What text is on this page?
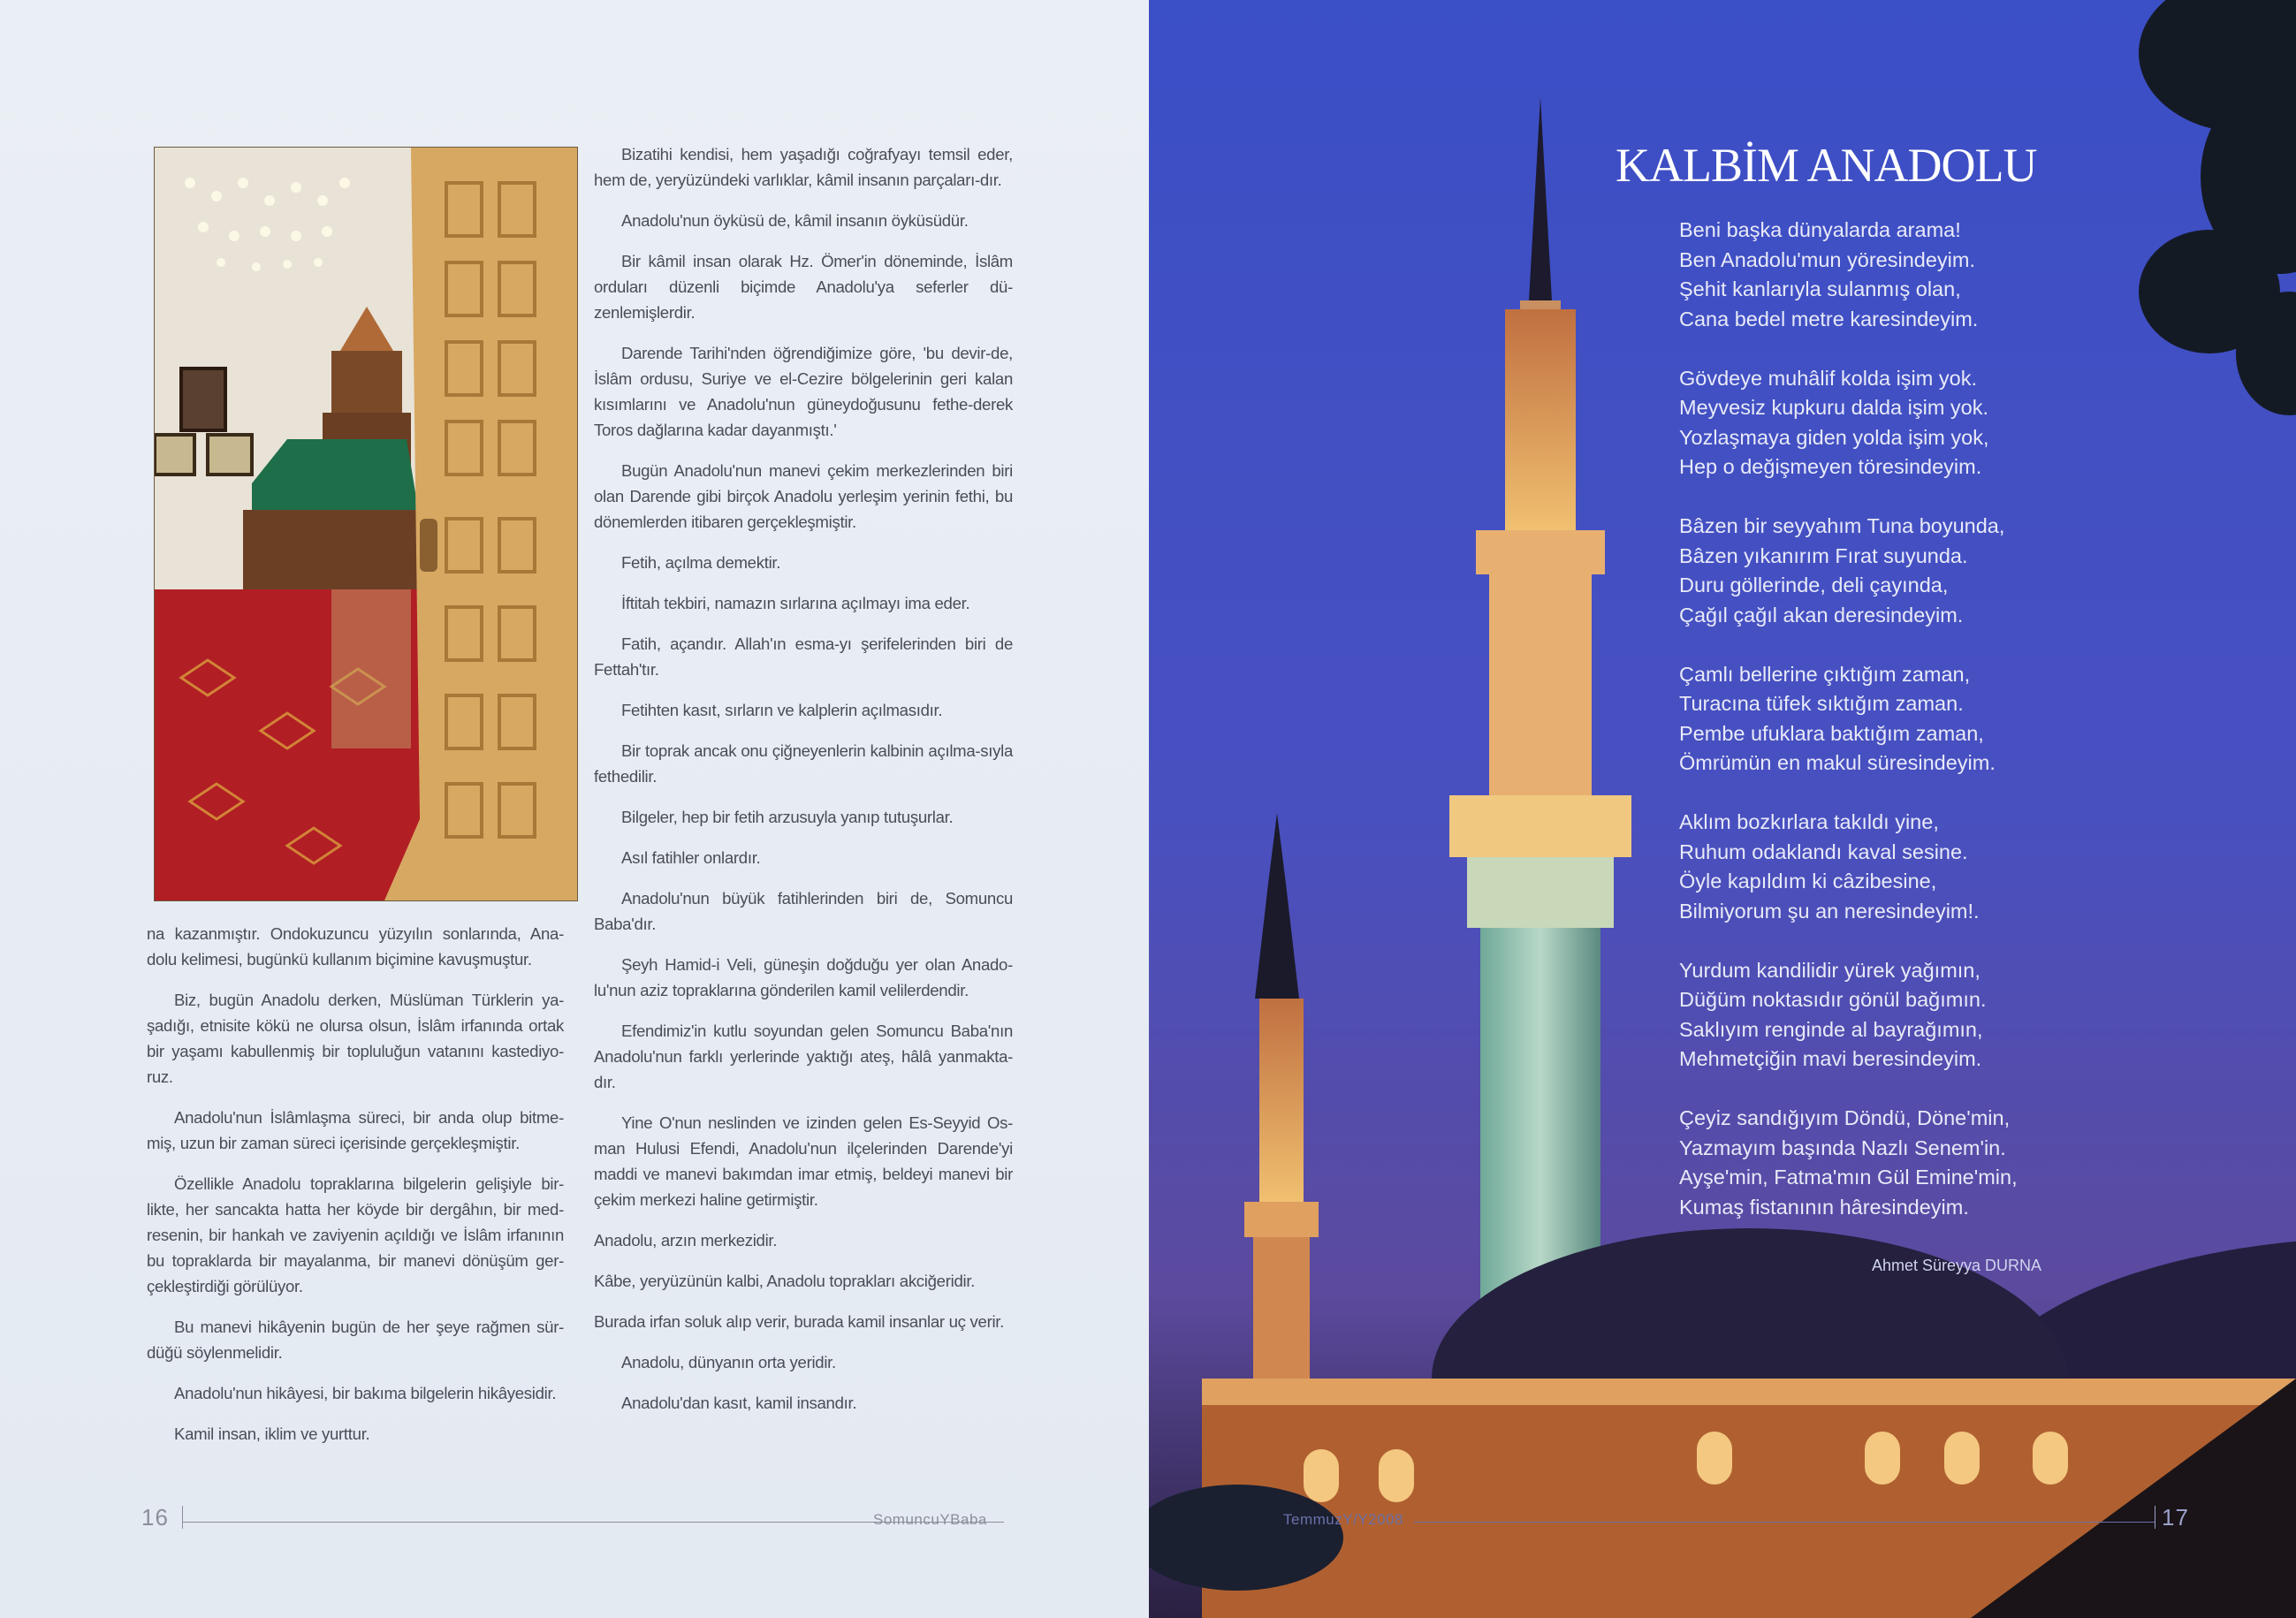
Bizatihi kendisi, hem yaşadığı coğrafyayı temsil eder, hem de, yeryüzündeki varlıklar, kâmil insanın parçaları-dır.

Anadolu'nun öyküsü de, kâmil insanın öyküsüdür.

Bir kâmil insan olarak Hz. Ömer'in döneminde, İslâm orduları düzenli biçimde Anadolu'ya seferler dü-zenlemişlerdir.

Darende Tarihi'nden öğrendiğimize göre, 'bu devir-de, İslâm ordusu, Suriye ve el-Cezire bölgelerinin geri kalan kısımlarını ve Anadolu'nun güneydoğusunu fethe-derek Toros dağlarına kadar dayanmıştı.'

Bugün Anadolu'nun manevi çekim merkezlerinden biri olan Darende gibi birçok Anadolu yerleşim yerinin fethi, bu dönemlerden itibaren gerçekleşmiştir.

Fetih, açılma demektir.

İftitah tekbiri, namazın sırlarına açılmayı ima eder.

Fatih, açandır. Allah'ın esma-yı şerifelerinden biri de Fettah'tır.

Fetihten kasıt, sırların ve kalplerin açılmasıdır.

Bir toprak ancak onu çiğneyenlerin kalbinin açılma-sıyla fethedilir.

Bilgeler, hep bir fetih arzusuyla yanıp tutuşurlar.

Asıl fatihler onlardır.

Anadolu'nun büyük fatihlerinden biri de, Somuncu Baba'dır.

Şeyh Hamid-i Veli, güneşin doğduğu yer olan Anado-lu'nun aziz topraklarına gönderilen kamil velilerdendir.

Efendimiz'in kutlu soyundan gelen Somuncu Baba'nın Anadolu'nun farklı yerlerinde yaktığı ateş, hâlâ yanmakta-dır.

Yine O'nun neslinden ve izinden gelen Es-Seyyid Os-man Hulusi Efendi, Anadolu'nun ilçelerinden Darende'yi maddi ve manevi bakımdan imar etmiş, beldeyi manevi bir çekim merkezi haline getirmiştir.

Anadolu, arzın merkezidir.

Kâbe, yeryüzünün kalbi, Anadolu toprakları akciğeridir.

Burada irfan soluk alıp verir, burada kamil insanlar uç verir.

Anadolu, dünyanın orta yeridir.

Anadolu'dan kasıt, kamil insandır.

na kazanmıştır. Ondokuzuncu yüzyılın sonlarında, Ana-dolu kelimesi, bugünkü kullanım biçimine kavuşmuştur.

Biz, bugün Anadolu derken, Müslüman Türklerin ya-şadığı, etnisite kökü ne olursa olsun, İslâm irfanında ortak bir yaşamı kabullenmiş bir topluluğun vatanını kastediyo-ruz.

Anadolu'nun İslâmlaşma süreci, bir anda olup bitme-miş, uzun bir zaman süreci içerisinde gerçekleşmiştir.

Özellikle Anadolu topraklarına bilgelerin gelişiyle bir-likte, her sancakta hatta her köyde bir dergâhın, bir med-resenin, bir hankah ve zaviyenin açıldığı ve İslâm irfanının bu topraklarda bir mayalanma, bir manevi dönüşüm ger-çekleştirdiği görülüyor.

Bu manevi hikâyenin bugün de her şeye rağmen sür-düğü söylenmelidir.

Anadolu'nun hikâyesi, bir bakıma bilgelerin hikâyesidir.

Kamil insan, iklim ve yurttur.

16	SomuncuYBaba
KALBİM ANADOLU
Beni başka dünyalarda arama!
Ben Anadolu'mun yöresindeyim.
Şehit kanlarıyla sulanmış olan,
Cana bedel metre karesindeyim.
Gövdeye muhâlif kolda işim yok.
Meyvesiz kupkuru dalda işim yok.
Yozlaşmaya giden yolda işim yok,
Hep o değişmeyen töresindeyim.
Bâzen bir seyyahım Tuna boyunda,
Bâzen yıkanırım Fırat suyunda.
Duru göllerinde, deli çayında,
Çağıl çağıl akan deresindeyim.
Çamlı bellerine çıktığım zaman,
Turacına tüfek sıktığım zaman.
Pembe ufuklara baktığım zaman,
Ömrümün en makul süresindeyim.
Aklım bozkırlara takıldı yine,
Ruhum odaklandı kaval sesine.
Öyle kapıldım ki câzibesine,
Bilmiyorum şu an neresindeyim!.
Yurdum kandilidir yürek yağımın,
Düğüm noktasıdır gönül bağımın.
Saklıyım renginde al bayrağımın,
Mehmetçiğin mavi beresindeyim.
Çeyiz sandığıyım Döndü, Döne'min,
Yazmayım başında Nazlı Senem'in.
Ayşe'min, Fatma'mın Gül Emine'min,
Kumaş fistanının hâresindeyim.
Ahmet Süreyya DURNA
TemmuzY/Y2008	17
